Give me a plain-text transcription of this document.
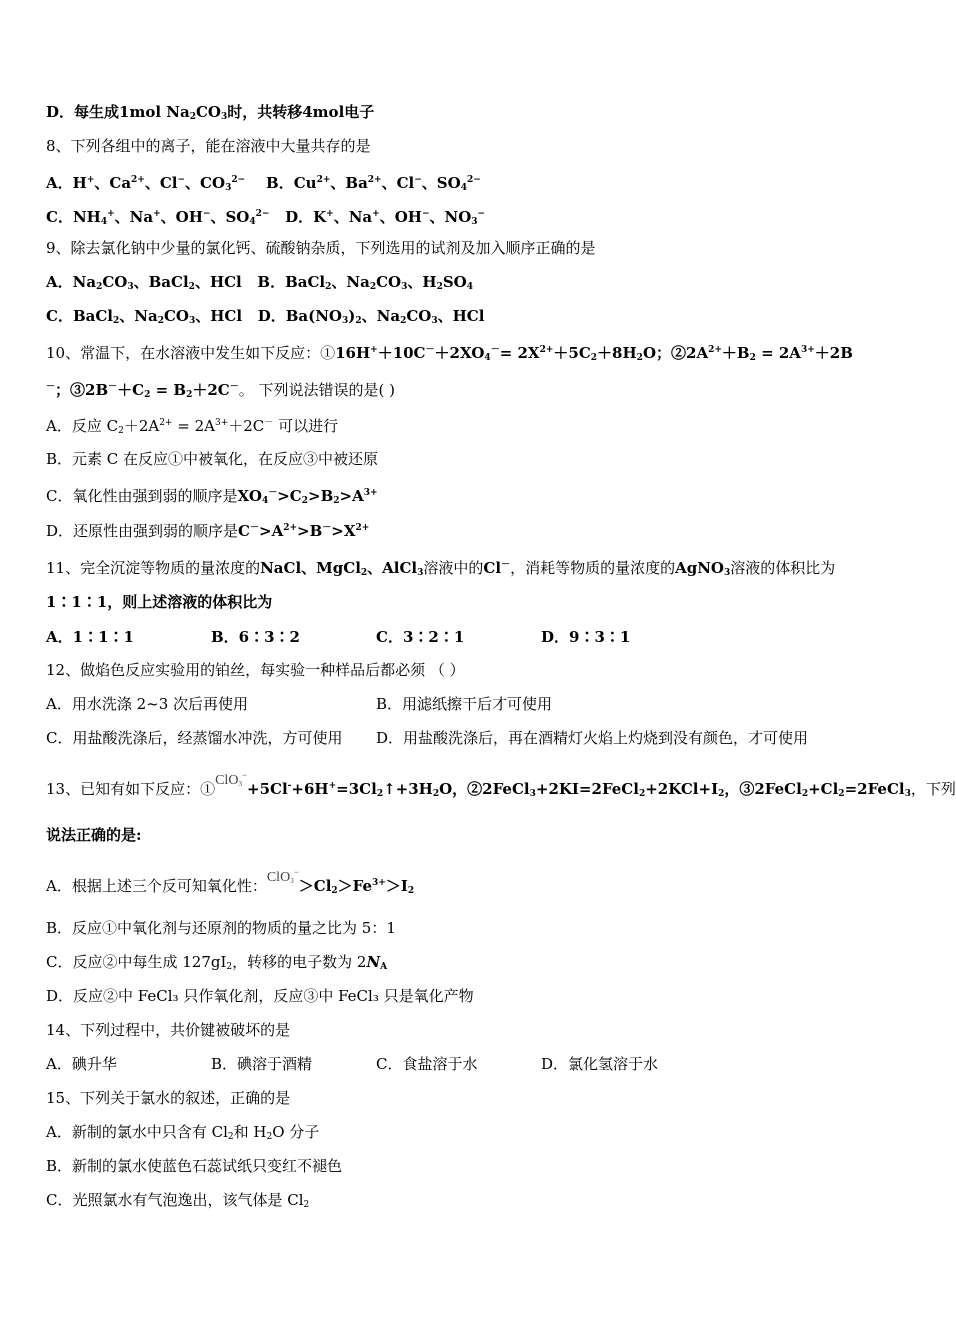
D．每生成1mol $Na_2CO_3$时，共转移4mol电子
8、下列各组中的离子，能在溶液中大量共存的是
A．H+、$Ca^{2+}$、Cl−、$CO_3^{2-}$ B．$Cu^{2+}$、$Ba^{2+}$、Cl−、$SO_4^{2-}$
C．$NH_4^+$、Na+、OH−、$SO_4^{2-}$ D．K+、Na+、OH−、$NO_3^-$
9、除去氯化钠中少量的氯化钙、硫酸钠杂质，下列选用的试剂及加入顺序正确的是
A．$Na_2CO_3$、BaCl$_2$、HCl   B．BaCl$_2$、$Na_2CO_3$、$H_2SO_4$
C．BaCl$_2$、$Na_2CO_3$、HCl   D．$Ba(NO_3)_2$、$Na_2CO_3$、HCl
10、常温下，在水溶液中发生如下反应：$①16H^++10C^-+2XO_4^-= 2X^{2+}+5C_2+8H_2O$；$②2A^{2+}+B_2 = 2A^{3+}+2B$
－；$③2B^-+C_2 = B_2+2C^-$。 下列说法错误的是( )
A．反应 $C_2+2A^{2+} = 2A^{3+}+2C^-$ 可以进行
B．元素 C 在反应①中被氧化，在反应③中被还原
C．氧化性由强到弱的顺序是$XO_4^->C_2>B_2>A^{3+}$
D．还原性由强到弱的顺序是$C^->A^{2+}>B^->X^{2+}$
11、完全沉淀等物质的量浓度的NaCl、MgCl$_2$、AlCl$_3$溶液中的Cl－，消耗等物质的量浓度的AgNO$_3$溶液的体积比为
1∶1∶1，则上述溶液的体积比为
A．1∶1∶1	B．6∶3∶2	C．3∶2∶1	D．9∶3∶1
12、做焰色反应实验用的铂丝，每实验一种样品后都必须 （ ）
A．用水洗涤 2~3 次后再使用	B．用滤纸擦干后才可使用
C．用盐酸洗涤后，经蒸馏水冲洗，方可使用 D．用盐酸洗涤后，再在酒精灯火焰上灼烧到没有颜色，才可使用
13、已知有如下反应：$①ClO_3^-+5Cl^-+6H^+=3Cl_2↑+3H_2O$，$②2FeCl_3+2KI=2FeCl_2+2KCl+I_2$，$③2FeCl_2+Cl_2=2FeCl_3$，下列
说法正确的是:
A．根据上述三个反可知氧化性：$ClO_3^->Cl_2>Fe^{3+}>I_2$
B．反应①中氧化剂与还原剂的物质的量之比为 5：1
C．反应②中每生成 $127gI_2$，转移的电子数为 $2N_A$
D．反应②中 FeCl₃ 只作氧化剂，反应③中 FeCl₃ 只是氧化产物
14、下列过程中，共价键被破坏的是
A．碘升华	B．碘溶于酒精	C．食盐溶于水	D．氯化氢溶于水
15、下列关于氯水的叙述，正确的是
A．新制的氯水中只含有 $Cl_2$和 $H_2O$ 分子
B．新制的氯水使蓝色石蕊试纸只变红不褪色
C．光照氯水有气泡逸出，该气体是 $Cl_2$
